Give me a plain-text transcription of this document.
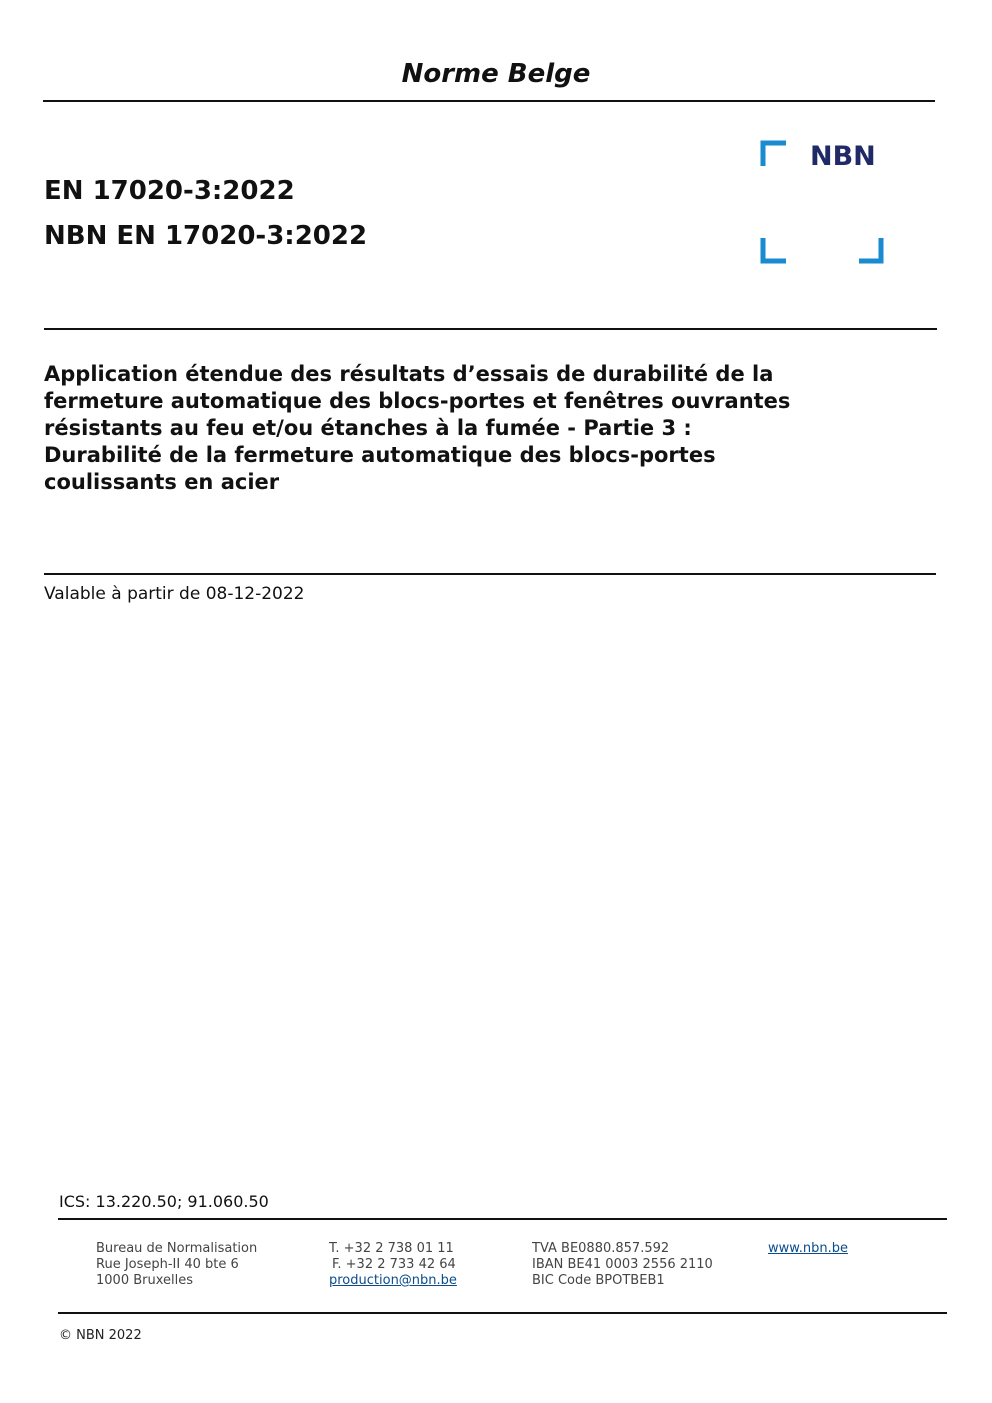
Norme Belge
EN 17020-3:2022
NBN EN 17020-3:2022
NBN
Application étendue des résultats d’essais de durabilité de la
fermeture automatique des blocs-portes et fenêtres ouvrantes
résistants au feu et/ou étanches à la fumée - Partie 3 :
Durabilité de la fermeture automatique des blocs-portes
coulissants en acier
Valable à partir de 08-12-2022
ICS: 13.220.50; 91.060.50
Bureau de Normalisation
Rue Joseph-II 40 bte 6
1000 Bruxelles
T. +32 2 738 01 11
F. +32 2 733 42 64
production@nbn.be
TVA BE0880.857.592
IBAN BE41 0003 2556 2110
BIC Code BPOTBEB1
www.nbn.be
© NBN 2022
